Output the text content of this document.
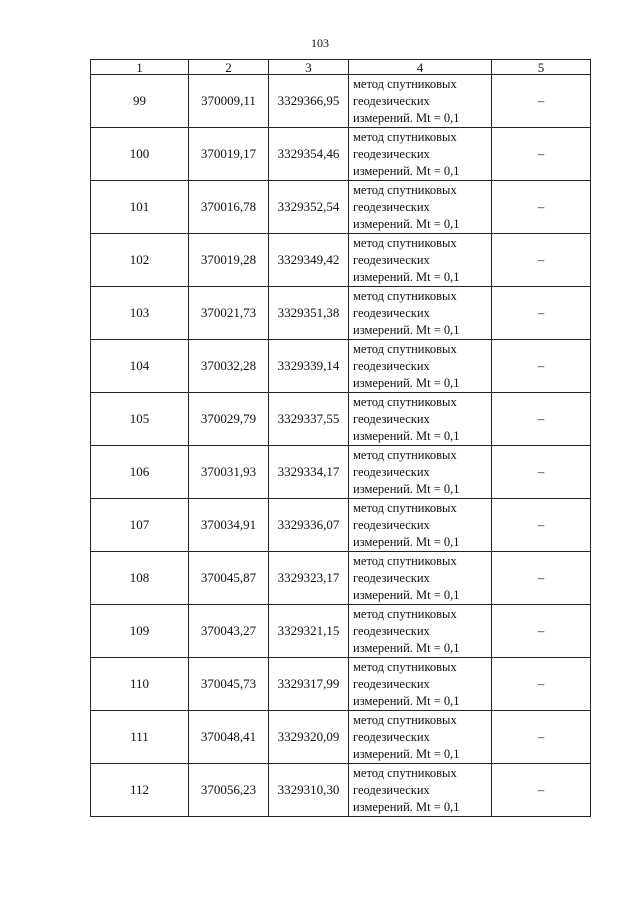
103
1	2	3	4	5
99	370009,11	3329366,95	метод спутниковых
геодезических
измерений. Mt = 0,1	–
100	370019,17	3329354,46	метод спутниковых
геодезических
измерений. Mt = 0,1	–
101	370016,78	3329352,54	метод спутниковых
геодезических
измерений. Mt = 0,1	–
102	370019,28	3329349,42	метод спутниковых
геодезических
измерений. Mt = 0,1	–
103	370021,73	3329351,38	метод спутниковых
геодезических
измерений. Mt = 0,1	–
104	370032,28	3329339,14	метод спутниковых
геодезических
измерений. Mt = 0,1	–
105	370029,79	3329337,55	метод спутниковых
геодезических
измерений. Mt = 0,1	–
106	370031,93	3329334,17	метод спутниковых
геодезических
измерений. Mt = 0,1	–
107	370034,91	3329336,07	метод спутниковых
геодезических
измерений. Mt = 0,1	–
108	370045,87	3329323,17	метод спутниковых
геодезических
измерений. Mt = 0,1	–
109	370043,27	3329321,15	метод спутниковых
геодезических
измерений. Mt = 0,1	–
110	370045,73	3329317,99	метод спутниковых
геодезических
измерений. Mt = 0,1	–
111	370048,41	3329320,09	метод спутниковых
геодезических
измерений. Mt = 0,1	–
112	370056,23	3329310,30	метод спутниковых
геодезических
измерений. Mt = 0,1	–
